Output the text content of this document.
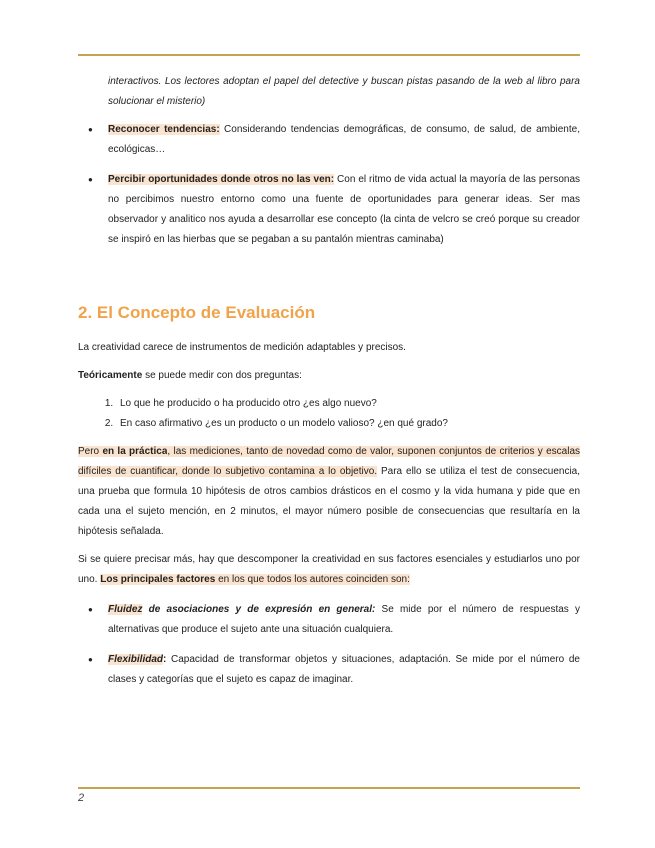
interactivos. Los lectores adoptan el papel del detective y buscan pistas pasando de la web al libro para solucionar el misterio)

● Reconocer tendencias: Considerando tendencias demográficas, de consumo, de salud, de ambiente, ecológicas…
● Percibir oportunidades donde otros no las ven: Con el ritmo de vida actual la mayoría de las personas no percibimos nuestro entorno como una fuente de oportunidades para generar ideas. Ser mas observador y analitico nos ayuda a desarrollar ese concepto (la cinta de velcro se creó porque su creador se inspiró en las hierbas que se pegaban a su pantalón mientras caminaba)
2. El Concepto de Evaluación

La creatividad carece de instrumentos de medición adaptables y precisos.

Teóricamente se puede medir con dos preguntas:

1. Lo que he producido o ha producido otro ¿es algo nuevo?
2. En caso afirmativo ¿es un producto o un modelo valioso? ¿en qué grado?

Pero en la práctica, las mediciones, tanto de novedad como de valor, suponen conjuntos de criterios y escalas difíciles de cuantificar, donde lo subjetivo contamina a lo objetivo. Para ello se utiliza el test de consecuencia, una prueba que formula 10 hipótesis de otros cambios drásticos en el cosmo y la vida humana y pide que en cada una el sujeto mención, en 2 minutos, el mayor número posible de consecuencias que resultaría en la hipótesis señalada.

Si se quiere precisar más, hay que descomponer la creatividad en sus factores esenciales y estudiarlos uno por uno. Los principales factores en los que todos los autores coinciden son:

● Fluidez de asociaciones y de expresión en general: Se mide por el número de respuestas y alternativas que produce el sujeto ante una situación cualquiera.
● Flexibilidad: Capacidad de transformar objetos y situaciones, adaptación. Se mide por el número de clases y categorías que el sujeto es capaz de imaginar.
2
